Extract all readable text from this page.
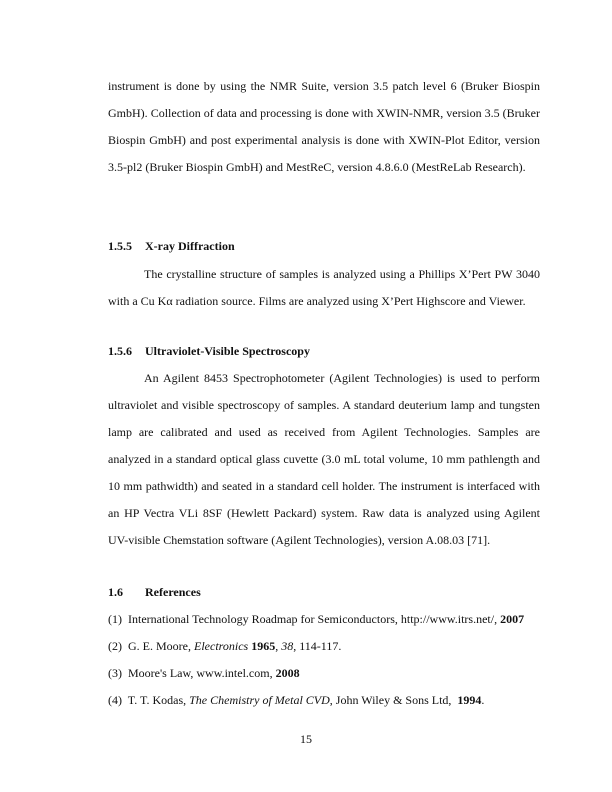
instrument is done by using the NMR Suite, version 3.5 patch level 6 (Bruker Biospin GmbH). Collection of data and processing is done with XWIN-NMR, version 3.5 (Bruker Biospin GmbH) and post experimental analysis is done with XWIN-Plot Editor, version 3.5-pl2 (Bruker Biospin GmbH) and MestReC, version 4.8.6.0 (MestReLab Research).

1.5.5 X-ray Diffraction

The crystalline structure of samples is analyzed using a Phillips X’Pert PW 3040 with a Cu Kα radiation source. Films are analyzed using X’Pert Highscore and Viewer.

1.5.6 Ultraviolet-Visible Spectroscopy

An Agilent 8453 Spectrophotometer (Agilent Technologies) is used to perform ultraviolet and visible spectroscopy of samples. A standard deuterium lamp and tungsten lamp are calibrated and used as received from Agilent Technologies. Samples are analyzed in a standard optical glass cuvette (3.0 mL total volume, 10 mm pathlength and 10 mm pathwidth) and seated in a standard cell holder. The instrument is interfaced with an HP Vectra VLi 8SF (Hewlett Packard) system. Raw data is analyzed using Agilent UV-visible Chemstation software (Agilent Technologies), version A.08.03 [71].

1.6 References
(1) International Technology Roadmap for Semiconductors, http://www.itrs.net/, 2007
(2) G. E. Moore, Electronics 1965, 38, 114-117.
(3) Moore's Law, www.intel.com, 2008
(4) T. T. Kodas, The Chemistry of Metal CVD, John Wiley & Sons Ltd,  1994.
15
